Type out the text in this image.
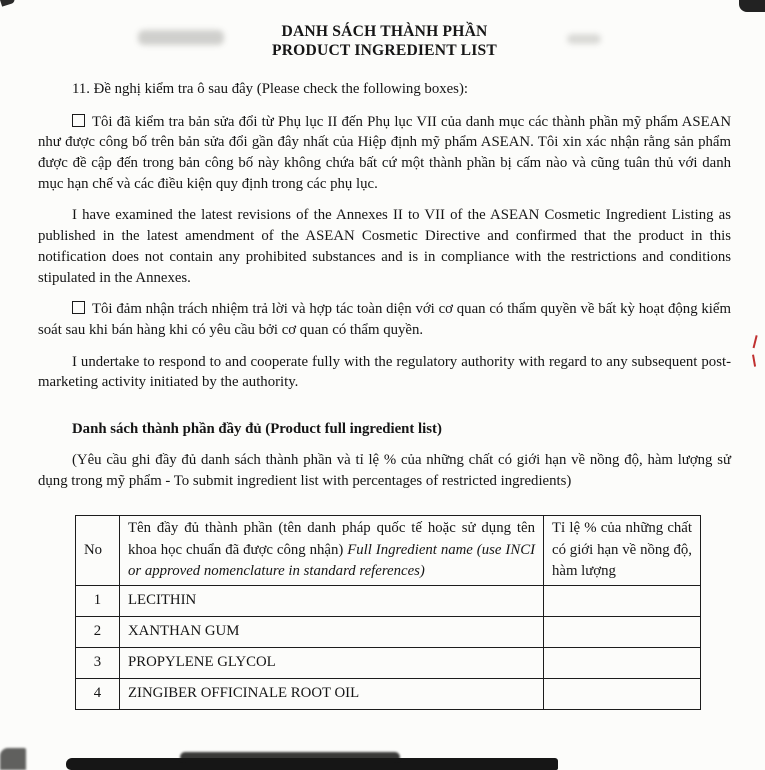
DANH SÁCH THÀNH PHẦN
PRODUCT INGREDIENT LIST

11. Đề nghị kiểm tra ô sau đây (Please check the following boxes):

Tôi đã kiểm tra bản sửa đổi từ Phụ lục II đến Phụ lục VII của danh mục các thành phần mỹ phẩm ASEAN như được công bố trên bản sửa đổi gần đây nhất của Hiệp định mỹ phẩm ASEAN. Tôi xin xác nhận rằng sản phẩm được đề cập đến trong bản công bố này không chứa bất cứ một thành phần bị cấm nào và cũng tuân thủ với danh mục hạn chế và các điều kiện quy định trong các phụ lục.

I have examined the latest revisions of the Annexes II to VII of the ASEAN Cosmetic Ingredient Listing as published in the latest amendment of the ASEAN Cosmetic Directive and confirmed that the product in this notification does not contain any prohibited substances and is in compliance with the restrictions and conditions stipulated in the Annexes.

Tôi đảm nhận trách nhiệm trả lời và hợp tác toàn diện với cơ quan có thẩm quyền về bất kỳ hoạt động kiểm soát sau khi bán hàng khi có yêu cầu bởi cơ quan có thẩm quyền.

I undertake to respond to and cooperate fully with the regulatory authority with regard to any subsequent post-marketing activity initiated by the authority.

Danh sách thành phần đầy đủ (Product full ingredient list)

(Yêu cầu ghi đầy đủ danh sách thành phần và tỉ lệ % của những chất có giới hạn về nồng độ, hàm lượng sử dụng trong mỹ phẩm - To submit ingredient list with percentages of restricted ingredients)

No	Tên đầy đủ thành phần (tên danh pháp quốc tế hoặc sử dụng tên khoa học chuẩn đã được công nhận) Full Ingredient name (use INCI or approved nomenclature in standard references)	Tỉ lệ % của những chất có giới hạn về nồng độ, hàm lượng
1	LECITHIN	
2	XANTHAN GUM	
3	PROPYLENE GLYCOL	
4	ZINGIBER OFFICINALE ROOT OIL	
